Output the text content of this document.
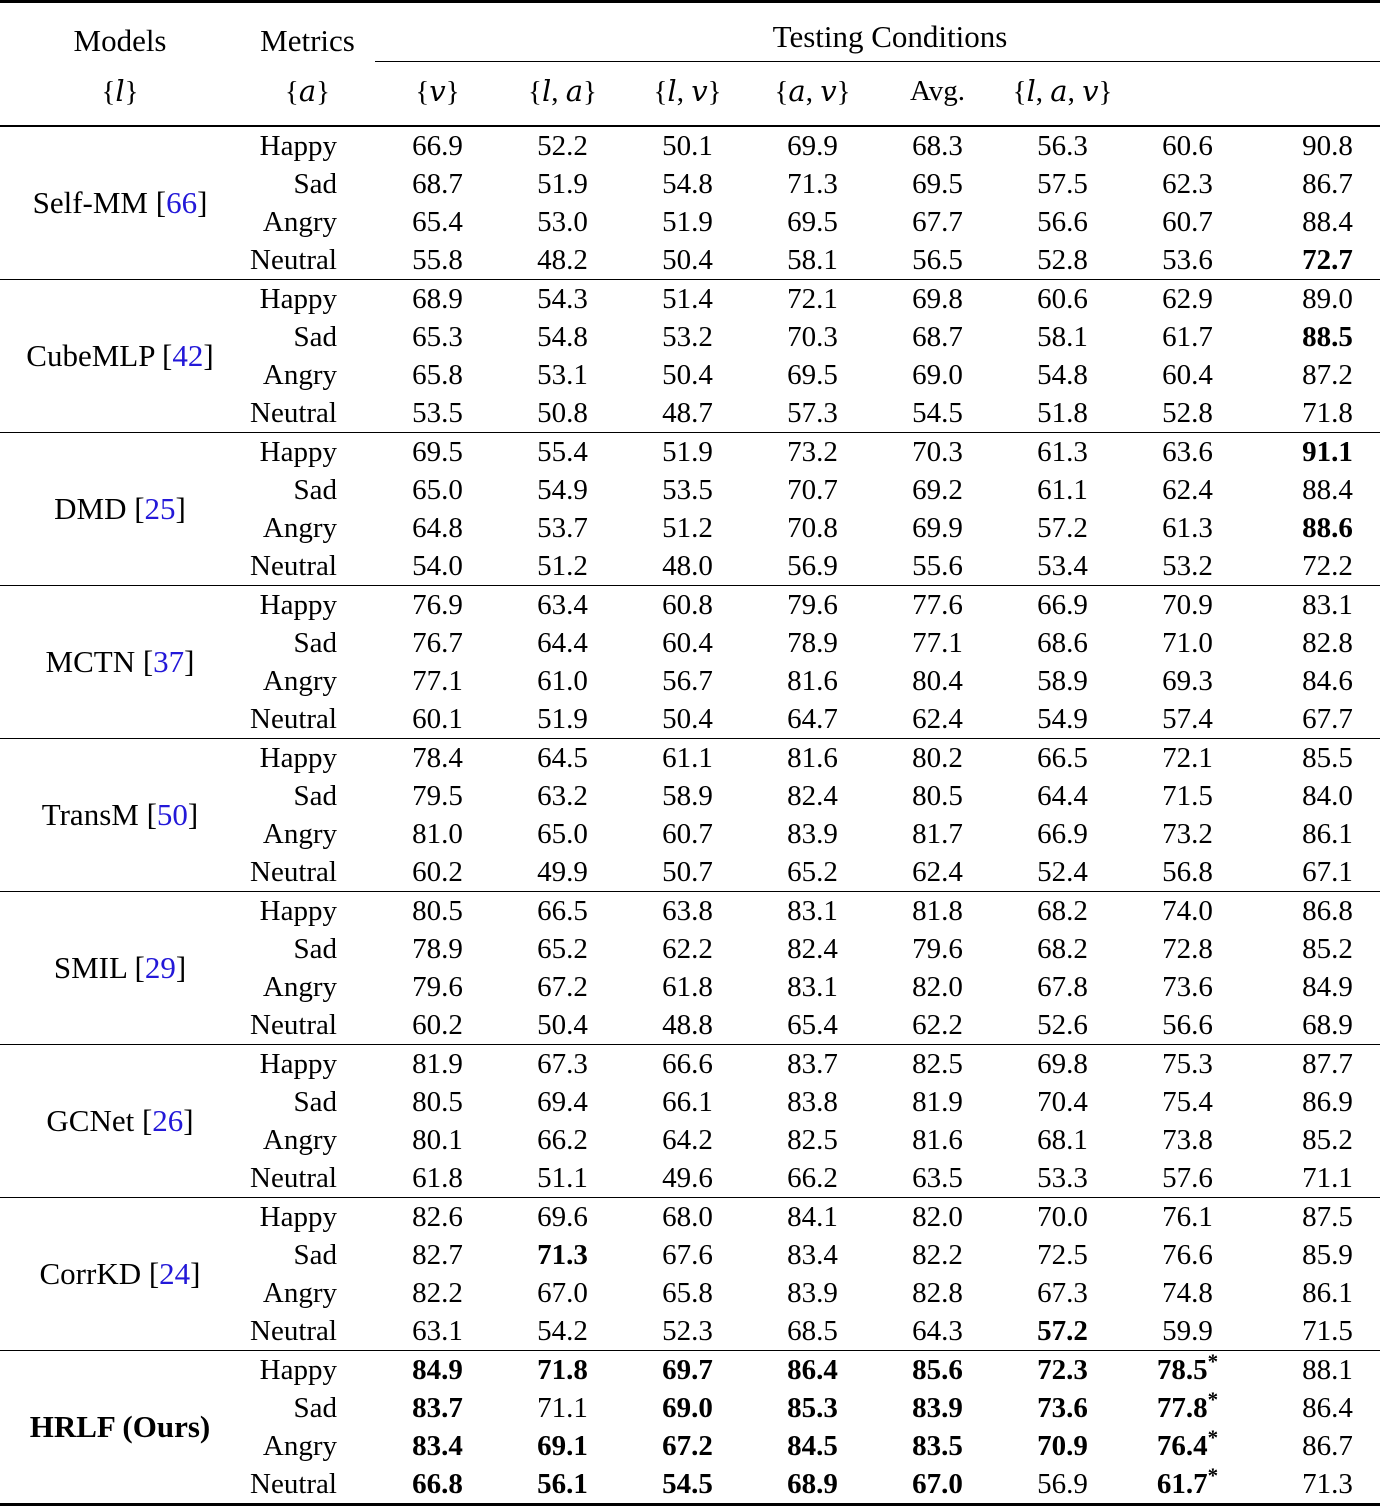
Models	Metrics	Testing Conditions							

{l}	{a}	{v}	{l, a}	{l, v}	{a, v}	Avg.	{l, a, v}		

Self-MM [66]	Happy	66.9	52.2	50.1	69.9	68.3	56.3	60.6	90.8
	Sad	68.7	51.9	54.8	71.3	69.5	57.5	62.3	86.7
	Angry	65.4	53.0	51.9	69.5	67.7	56.6	60.7	88.4
	Neutral	55.8	48.2	50.4	58.1	56.5	52.8	53.6	72.7

CubeMLP [42]	Happy	68.9	54.3	51.4	72.1	69.8	60.6	62.9	89.0
	Sad	65.3	54.8	53.2	70.3	68.7	58.1	61.7	88.5
	Angry	65.8	53.1	50.4	69.5	69.0	54.8	60.4	87.2
	Neutral	53.5	50.8	48.7	57.3	54.5	51.8	52.8	71.8

DMD [25]	Happy	69.5	55.4	51.9	73.2	70.3	61.3	63.6	91.1
	Sad	65.0	54.9	53.5	70.7	69.2	61.1	62.4	88.4
	Angry	64.8	53.7	51.2	70.8	69.9	57.2	61.3	88.6
	Neutral	54.0	51.2	48.0	56.9	55.6	53.4	53.2	72.2

MCTN [37]	Happy	76.9	63.4	60.8	79.6	77.6	66.9	70.9	83.1
	Sad	76.7	64.4	60.4	78.9	77.1	68.6	71.0	82.8
	Angry	77.1	61.0	56.7	81.6	80.4	58.9	69.3	84.6
	Neutral	60.1	51.9	50.4	64.7	62.4	54.9	57.4	67.7

TransM [50]	Happy	78.4	64.5	61.1	81.6	80.2	66.5	72.1	85.5
	Sad	79.5	63.2	58.9	82.4	80.5	64.4	71.5	84.0
	Angry	81.0	65.0	60.7	83.9	81.7	66.9	73.2	86.1
	Neutral	60.2	49.9	50.7	65.2	62.4	52.4	56.8	67.1

SMIL [29]	Happy	80.5	66.5	63.8	83.1	81.8	68.2	74.0	86.8
	Sad	78.9	65.2	62.2	82.4	79.6	68.2	72.8	85.2
	Angry	79.6	67.2	61.8	83.1	82.0	67.8	73.6	84.9
	Neutral	60.2	50.4	48.8	65.4	62.2	52.6	56.6	68.9

GCNet [26]	Happy	81.9	67.3	66.6	83.7	82.5	69.8	75.3	87.7
	Sad	80.5	69.4	66.1	83.8	81.9	70.4	75.4	86.9
	Angry	80.1	66.2	64.2	82.5	81.6	68.1	73.8	85.2
	Neutral	61.8	51.1	49.6	66.2	63.5	53.3	57.6	71.1

CorrKD [24]	Happy	82.6	69.6	68.0	84.1	82.0	70.0	76.1	87.5
	Sad	82.7	71.3	67.6	83.4	82.2	72.5	76.6	85.9
	Angry	82.2	67.0	65.8	83.9	82.8	67.3	74.8	86.1
	Neutral	63.1	54.2	52.3	68.5	64.3	57.2	59.9	71.5

HRLF (Ours)	Happy	84.9	71.8	69.7	86.4	85.6	72.3	78.5*	88.1
	Sad	83.7	71.1	69.0	85.3	83.9	73.6	77.8*	86.4
	Angry	83.4	69.1	67.2	84.5	83.5	70.9	76.4*	86.7
	Neutral	66.8	56.1	54.5	68.9	67.0	56.9	61.7*	71.3
